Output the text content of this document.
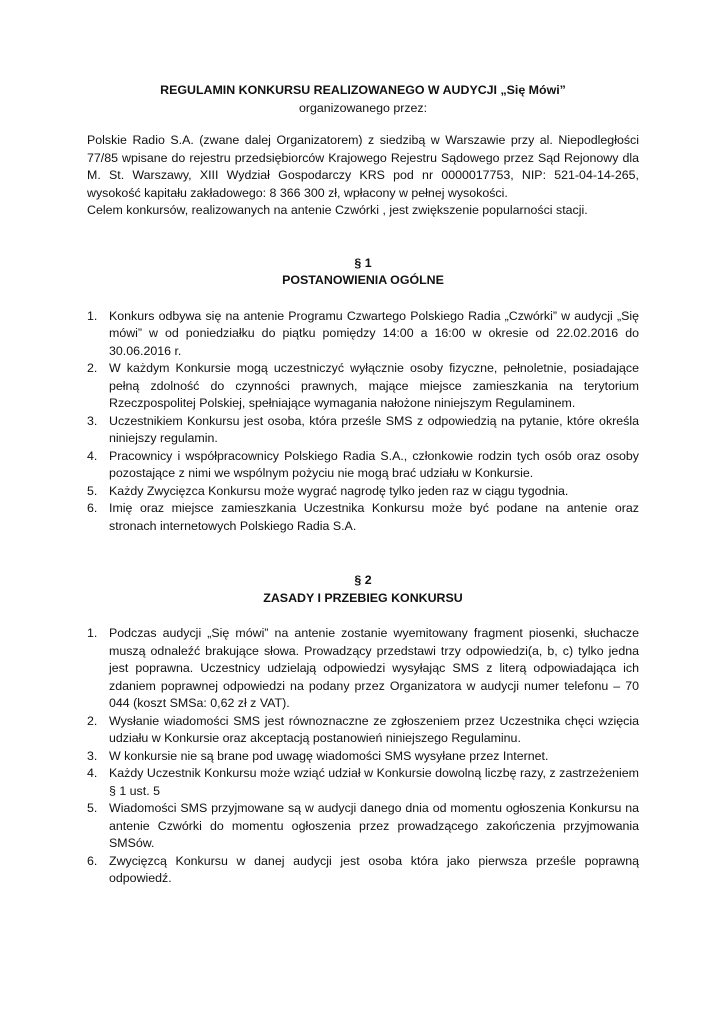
REGULAMIN KONKURSU REALIZOWANEGO W AUDYCJI „Się Mówi”

organizowanego przez:

Polskie Radio S.A. (zwane dalej Organizatorem) z siedzibą w Warszawie przy al. Niepodległości 77/85 wpisane do rejestru przedsiębiorców Krajowego Rejestru Sądowego przez Sąd Rejonowy dla M. St. Warszawy, XIII Wydział Gospodarczy KRS pod nr 0000017753, NIP: 521-04-14-265, wysokość kapitału zakładowego: 8 366 300 zł, wpłacony w pełnej wysokości.

Celem konkursów, realizowanych na antenie Czwórki , jest zwiększenie popularności stacji.

§ 1

POSTANOWIENIA OGÓLNE

1. Konkurs odbywa się na antenie Programu Czwartego Polskiego Radia „Czwórki” w audycji „Się mówi” w od poniedziałku do piątku pomiędzy 14:00 a 16:00 w okresie od 22.02.2016 do 30.06.2016 r.
2. W każdym Konkursie mogą uczestniczyć wyłącznie osoby fizyczne, pełnoletnie, posiadające pełną zdolność do czynności prawnych, mające miejsce zamieszkania na terytorium Rzeczpospolitej Polskiej, spełniające wymagania nałożone niniejszym Regulaminem.
3. Uczestnikiem Konkursu jest osoba, która prześle SMS z odpowiedzią na pytanie, które określa niniejszy regulamin.
4. Pracownicy i współpracownicy Polskiego Radia S.A., członkowie rodzin tych osób oraz osoby pozostające z nimi we wspólnym pożyciu nie mogą brać udziału w Konkursie.
5. Każdy Zwycięzca Konkursu może wygrać nagrodę tylko jeden raz w ciągu tygodnia.
6. Imię oraz miejsce zamieszkania Uczestnika Konkursu może być podane na antenie oraz stronach internetowych Polskiego Radia S.A.

§ 2

ZASADY I PRZEBIEG KONKURSU

1. Podczas audycji „Się mówi” na antenie zostanie wyemitowany fragment piosenki, słuchacze muszą odnaleźć brakujące słowa. Prowadzący przedstawi trzy odpowiedzi(a, b, c) tylko jedna jest poprawna. Uczestnicy udzielają odpowiedzi wysyłając SMS z literą odpowiadająca ich zdaniem poprawnej odpowiedzi na podany przez Organizatora w audycji numer telefonu – 70 044 (koszt SMSa: 0,62 zł z VAT).
2. Wysłanie wiadomości SMS jest równoznaczne ze zgłoszeniem przez Uczestnika chęci wzięcia udziału w Konkursie oraz akceptacją postanowień niniejszego Regulaminu.
3. W konkursie nie są brane pod uwagę wiadomości SMS wysyłane przez Internet.
4. Każdy Uczestnik Konkursu może wziąć udział w Konkursie dowolną liczbę razy, z zastrzeżeniem § 1 ust. 5
5. Wiadomości SMS przyjmowane są w audycji danego dnia od momentu ogłoszenia Konkursu na antenie Czwórki do momentu ogłoszenia przez prowadzącego zakończenia przyjmowania SMSów.
6. Zwycięzcą Konkursu w danej audycji jest osoba która jako pierwsza prześle poprawną odpowiedź.
